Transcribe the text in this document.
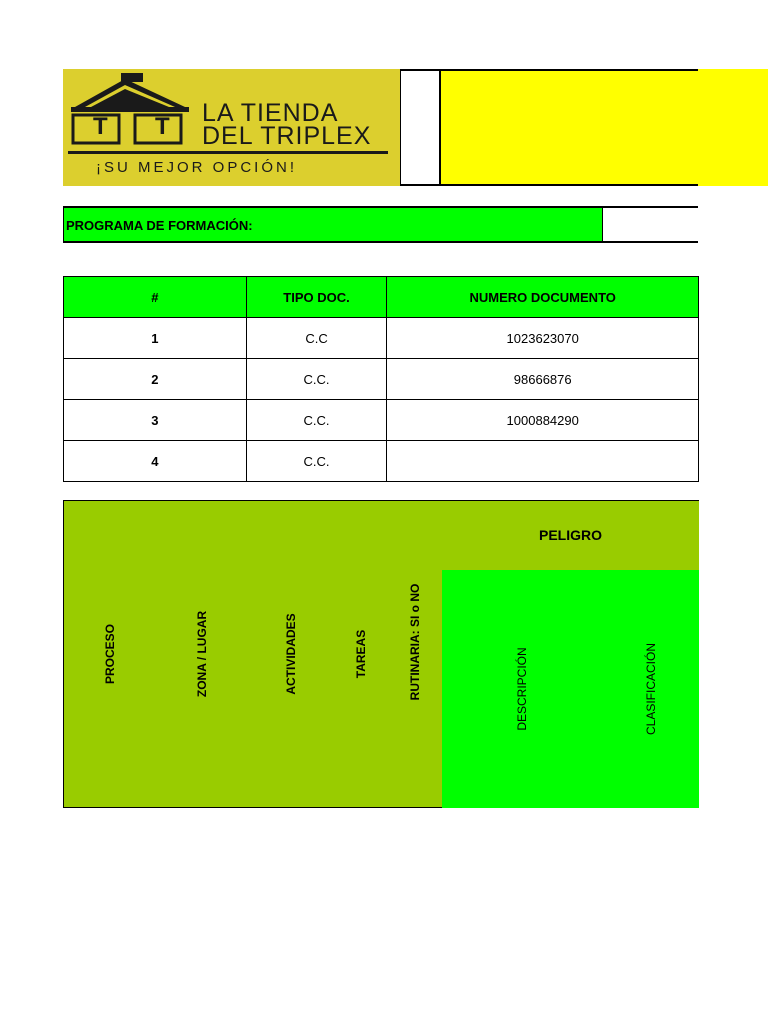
T T LA TIENDA
DEL TRIPLEX
¡SU MEJOR OPCIÓN!
PROGRAMA DE FORMACIÓN:
#	TIPO DOC.	NUMERO DOCUMENTO
1	C.C	1023623070
2	C.C.	98666876
3	C.C.	1000884290
4	C.C.	
PROCESO	ZONA / LUGAR	ACTIVIDADES	TAREAS	RUTINARIA: SI o NO
PELIGRO
DESCRIPCIÓN	CLASIFICACIÓN
